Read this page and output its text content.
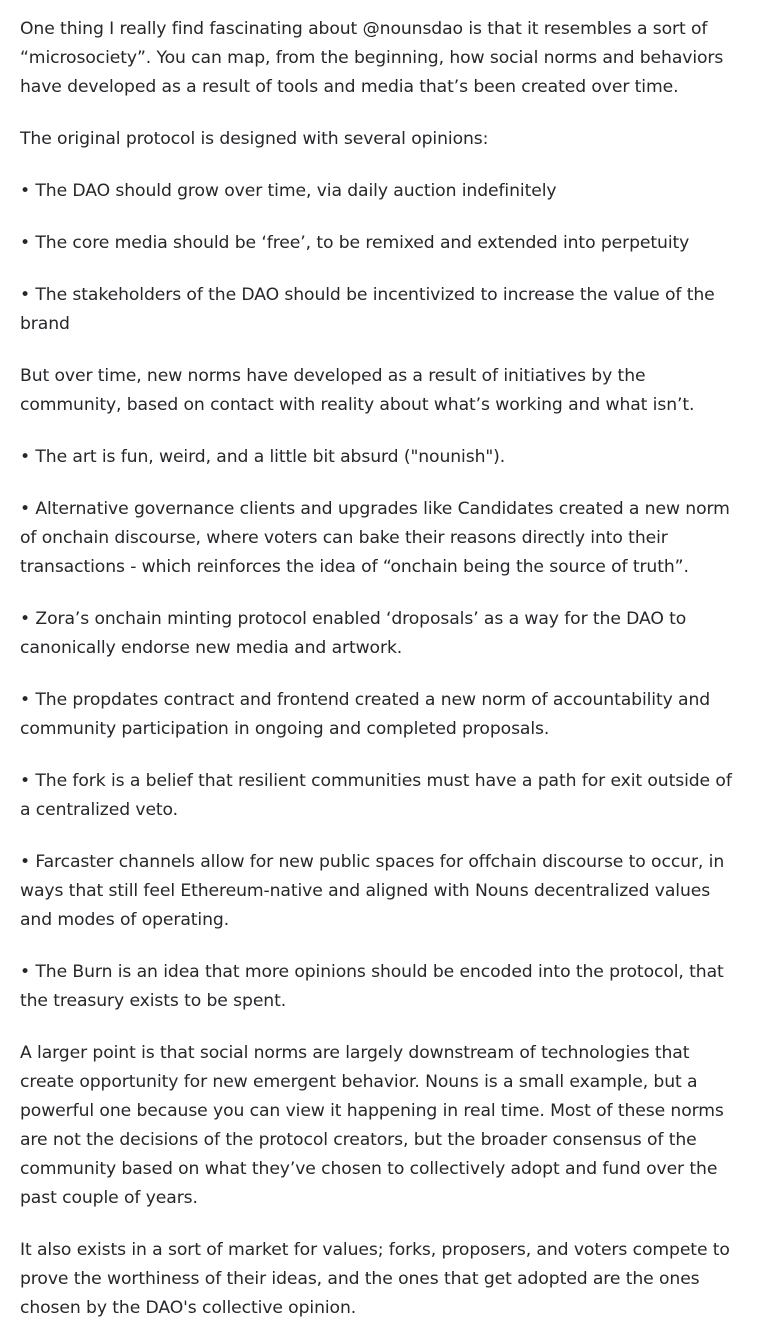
One thing I really find fascinating about @nounsdao is that it resembles a sort of “microsociety”. You can map, from the beginning, how social norms and behaviors have developed as a result of tools and media that’s been created over time.

The original protocol is designed with several opinions:

• The DAO should grow over time, via daily auction indefinitely

• The core media should be ‘free’, to be remixed and extended into perpetuity

• The stakeholders of the DAO should be incentivized to increase the value of the brand

But over time, new norms have developed as a result of initiatives by the community, based on contact with reality about what’s working and what isn’t.

• The art is fun, weird, and a little bit absurd ("nounish").

• Alternative governance clients and upgrades like Candidates created a new norm of onchain discourse, where voters can bake their reasons directly into their transactions - which reinforces the idea of “onchain being the source of truth”.

• Zora’s onchain minting protocol enabled ‘droposals’ as a way for the DAO to canonically endorse new media and artwork.

• The propdates contract and frontend created a new norm of accountability and community participation in ongoing and completed proposals.

• The fork is a belief that resilient communities must have a path for exit outside of a centralized veto.

• Farcaster channels allow for new public spaces for offchain discourse to occur, in ways that still feel Ethereum-native and aligned with Nouns decentralized values and modes of operating.

• The Burn is an idea that more opinions should be encoded into the protocol, that the treasury exists to be spent.

A larger point is that social norms are largely downstream of technologies that create opportunity for new emergent behavior. Nouns is a small example, but a powerful one because you can view it happening in real time. Most of these norms are not the decisions of the protocol creators, but the broader consensus of the community based on what they’ve chosen to collectively adopt and fund over the past couple of years.

It also exists in a sort of market for values; forks, proposers, and voters compete to prove the worthiness of their ideas, and the ones that get adopted are the ones chosen by the DAO's collective opinion.
